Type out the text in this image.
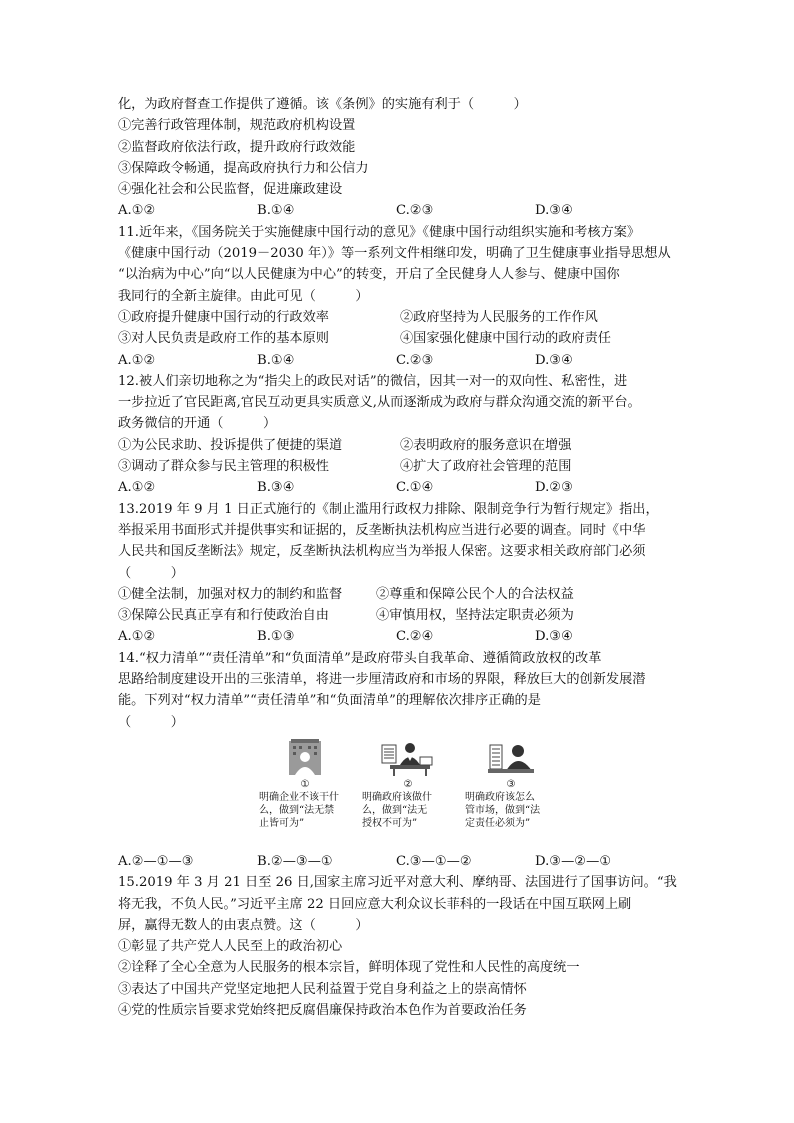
化，为政府督查工作提供了遵循。该《条例》的实施有利于（　　　）
①完善行政管理体制，规范政府机构设置
②监督政府依法行政，提升政府行政效能
③保障政令畅通，提高政府执行力和公信力
④强化社会和公民监督，促进廉政建设
A.①②	B.①④	C.②③	D.③④
11.近年来，《国务院关于实施健康中国行动的意见》《健康中国行动组织实施和考核方案》
《健康中国行动（2019－2030 年）》等一系列文件相继印发，明确了卫生健康事业指导思想从
“以治病为中心”向“以人民健康为中心”的转变，开启了全民健身人人参与、健康中国你
我同行的全新主旋律。由此可见（　　　）
①政府提升健康中国行动的行政效率	②政府坚持为人民服务的工作作风
③对人民负责是政府工作的基本原则	④国家强化健康中国行动的政府责任
A.①②	B.①④	C.②③	D.③④
12.被人们亲切地称之为“指尖上的政民对话”的微信，因其一对一的双向性、私密性，进
一步拉近了官民距离,官民互动更具实质意义,从而逐渐成为政府与群众沟通交流的新平台。
政务微信的开通（　　　）
①为公民求助、投诉提供了便捷的渠道	②表明政府的服务意识在增强
③调动了群众参与民主管理的积极性	④扩大了政府社会管理的范围
A.①②	B.③④	C.①④	D.②③
13.2019 年 9 月 1 日正式施行的《制止滥用行政权力排除、限制竞争行为暂行规定》指出，
举报采用书面形式并提供事实和证据的，反垄断执法机构应当进行必要的调查。同时《中华
人民共和国反垄断法》规定，反垄断执法机构应当为举报人保密。这要求相关政府部门必须
（　　　）
①健全法制，加强对权力的制约和监督	②尊重和保障公民个人的合法权益
③保障公民真正享有和行使政治自由	④审慎用权，坚持法定职责必须为
A.①②	B.①③	C.②④	D.③④
14.“权力清单”“责任清单”和“负面清单”是政府带头自我革命、遵循简政放权的改革
思路给制度建设开出的三张清单，将进一步厘清政府和市场的界限，释放巨大的创新发展潜
能。下列对“权力清单”“责任清单”和“负面清单”的理解依次排序正确的是
（　　　）
①
明确企业不该干什
么，做到“法无禁
止皆可为”
②
明确政府该做什
么，做到“法无
授权不可为”
③
明确政府该怎么
管市场，做到“法
定责任必须为”
A.②—①—③	B.②—③—①	C.③—①—②	D.③—②—①
15.2019 年 3 月 21 日至 26 日,国家主席习近平对意大利、摩纳哥、法国进行了国事访问。“我
将无我，不负人民。”习近平主席 22 日回应意大利众议长菲科的一段话在中国互联网上刷
屏，赢得无数人的由衷点赞。这（　　　）
①彰显了共产党人人民至上的政治初心
②诠释了全心全意为人民服务的根本宗旨，鲜明体现了党性和人民性的高度统一
③表达了中国共产党坚定地把人民利益置于党自身利益之上的崇高情怀
④党的性质宗旨要求党始终把反腐倡廉保持政治本色作为首要政治任务
